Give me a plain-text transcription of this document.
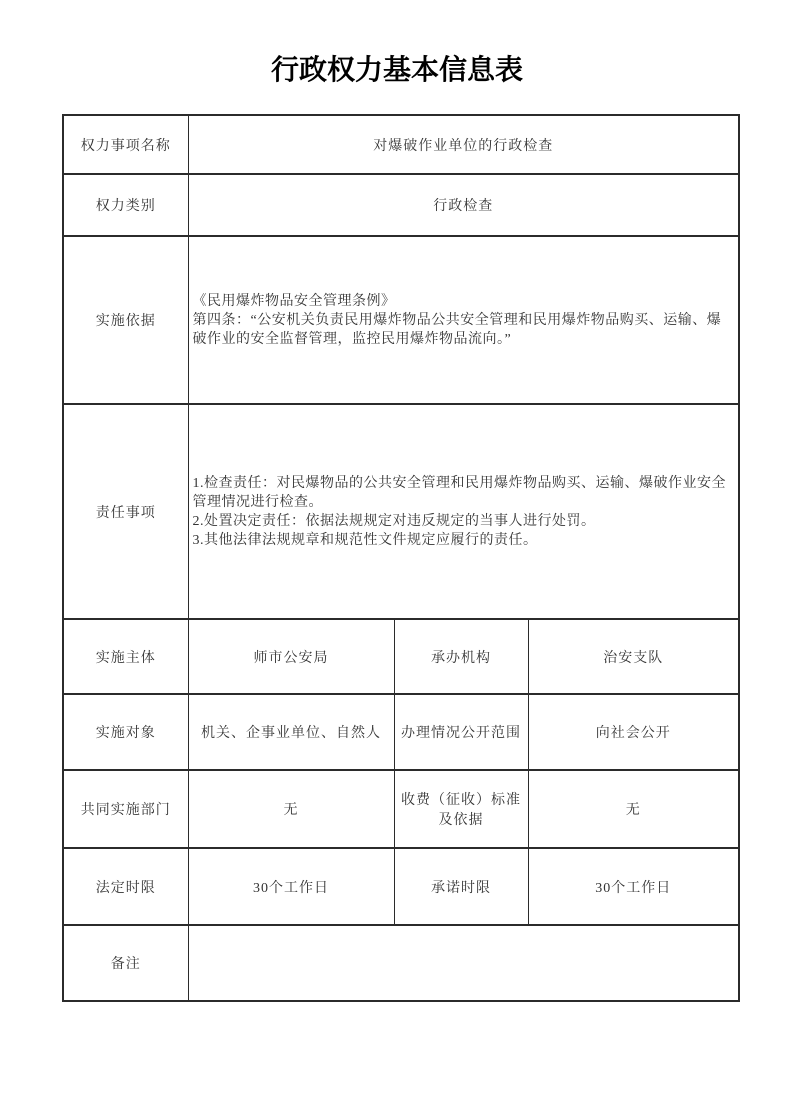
行政权力基本信息表
权力事项名称	对爆破作业单位的行政检查		
权力类别	行政检查		
实施依据	《民用爆炸物品安全管理条例》
第四条：“公安机关负责民用爆炸物品公共安全管理和民用爆炸物品购买、运输、爆破作业的安全监督管理，监控民用爆炸物品流向。”		

责任事项	1.检查责任：对民爆物品的公共安全管理和民用爆炸物品购买、运输、爆破作业安全管理情况进行检查。
2.处置决定责任：依据法规规定对违反规定的当事人进行处罚。
3.其他法律法规规章和规范性文件规定应履行的责任。		

实施主体	师市公安局	承办机构	治安支队
实施对象	机关、企事业单位、自然人	办理情况公开范围	向社会公开
共同实施部门	无	收费（征收）标准及依据	无
法定时限	30个工作日	承诺时限	30个工作日
备注			
